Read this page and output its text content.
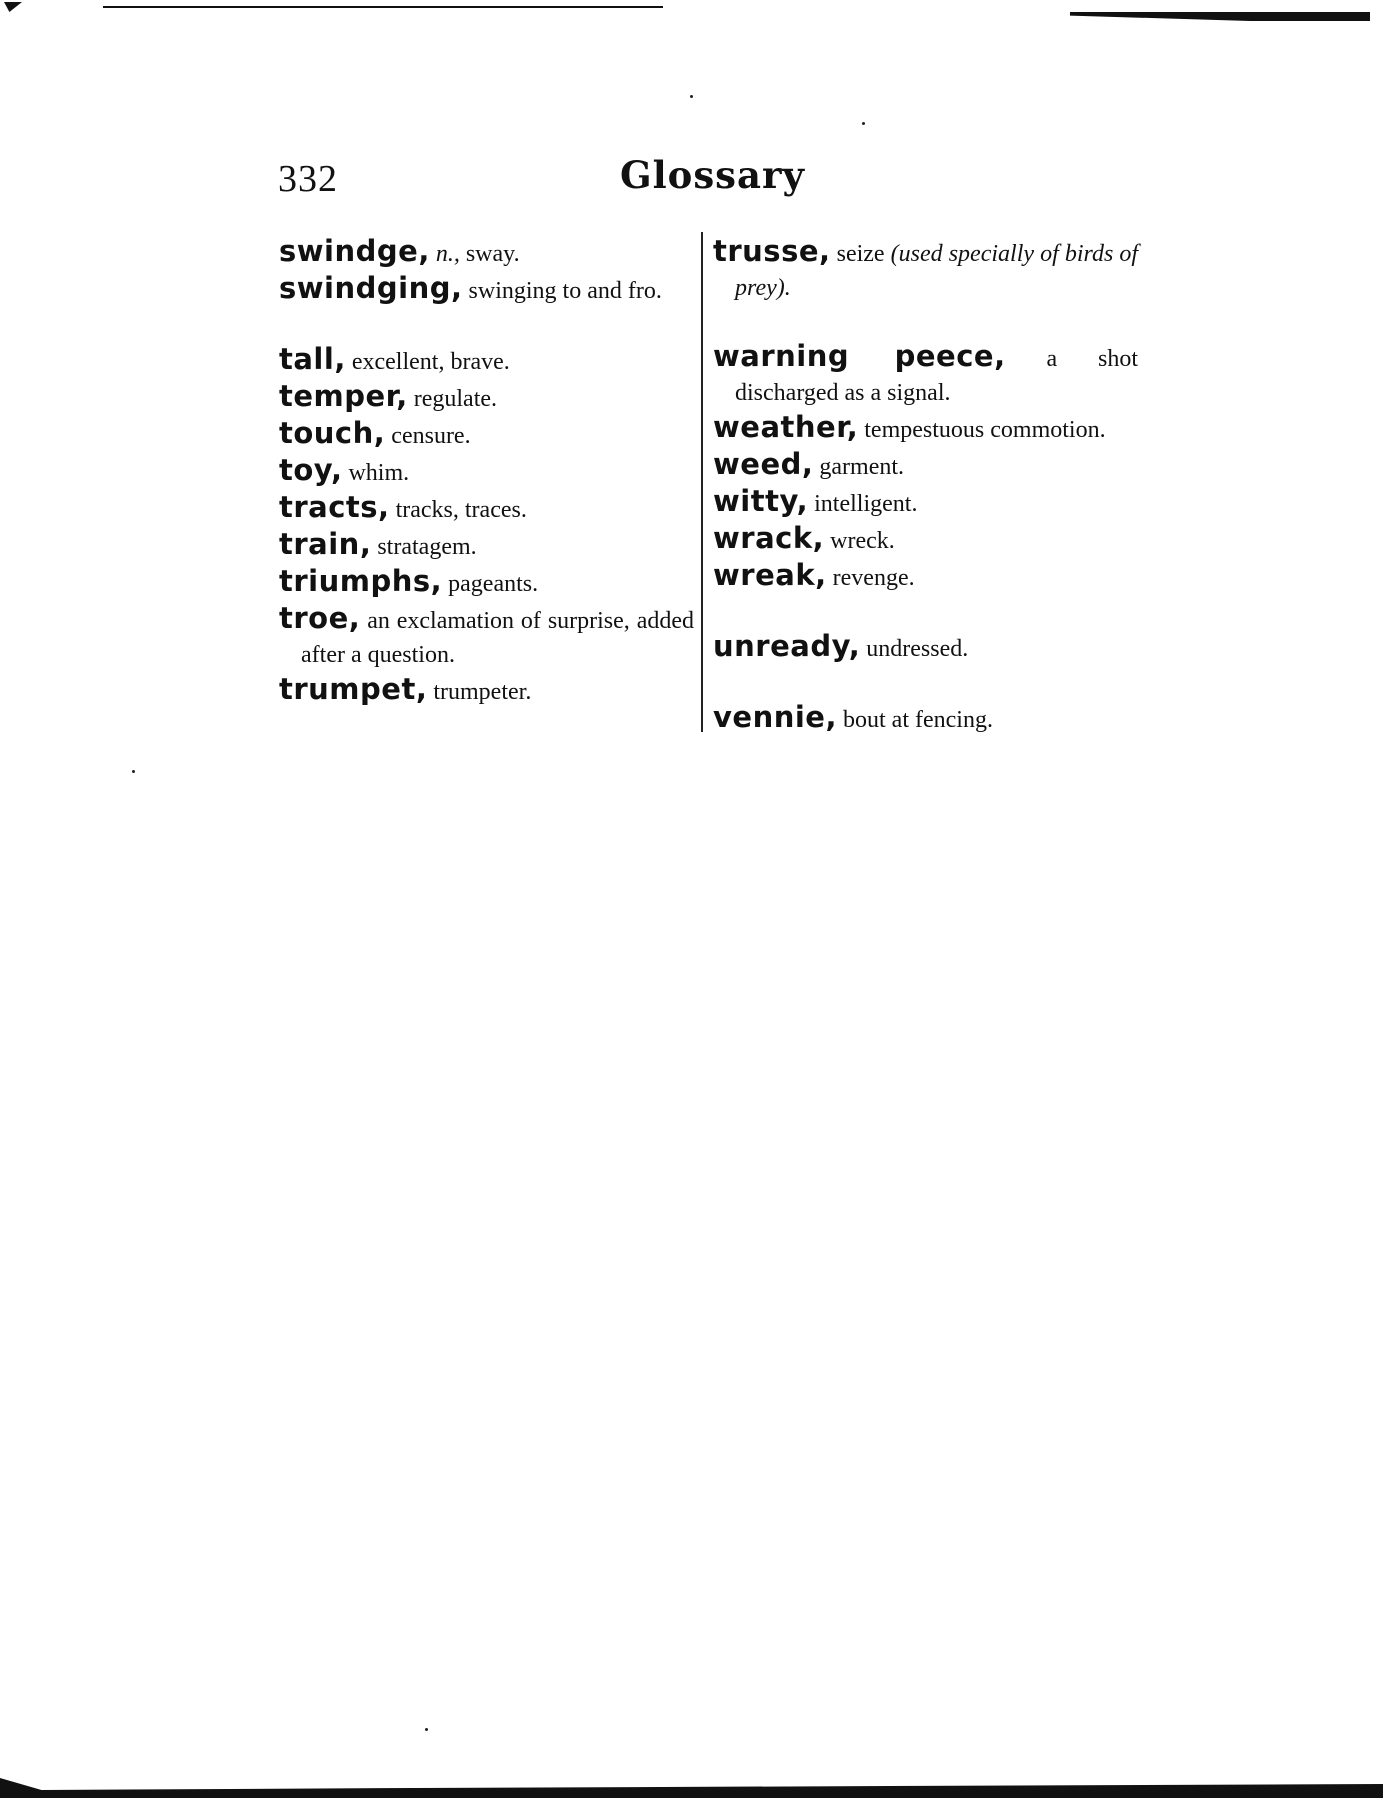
332	Glossary
swindge, n., sway.
swindging, swinging to and fro.
tall, excellent, brave.
temper, regulate.
touch, censure.
toy, whim.
tracts, tracks, traces.
train, stratagem.
triumphs, pageants.
troe, an exclamation of surprise, added after a question.
trumpet, trumpeter.
trusse, seize (used specially of birds of prey).
warning peece, a shot discharged as a signal.
weather, tempestuous commotion.
weed, garment.
witty, intelligent.
wrack, wreck.
wreak, revenge.
unready, undressed.
vennie, bout at fencing.
